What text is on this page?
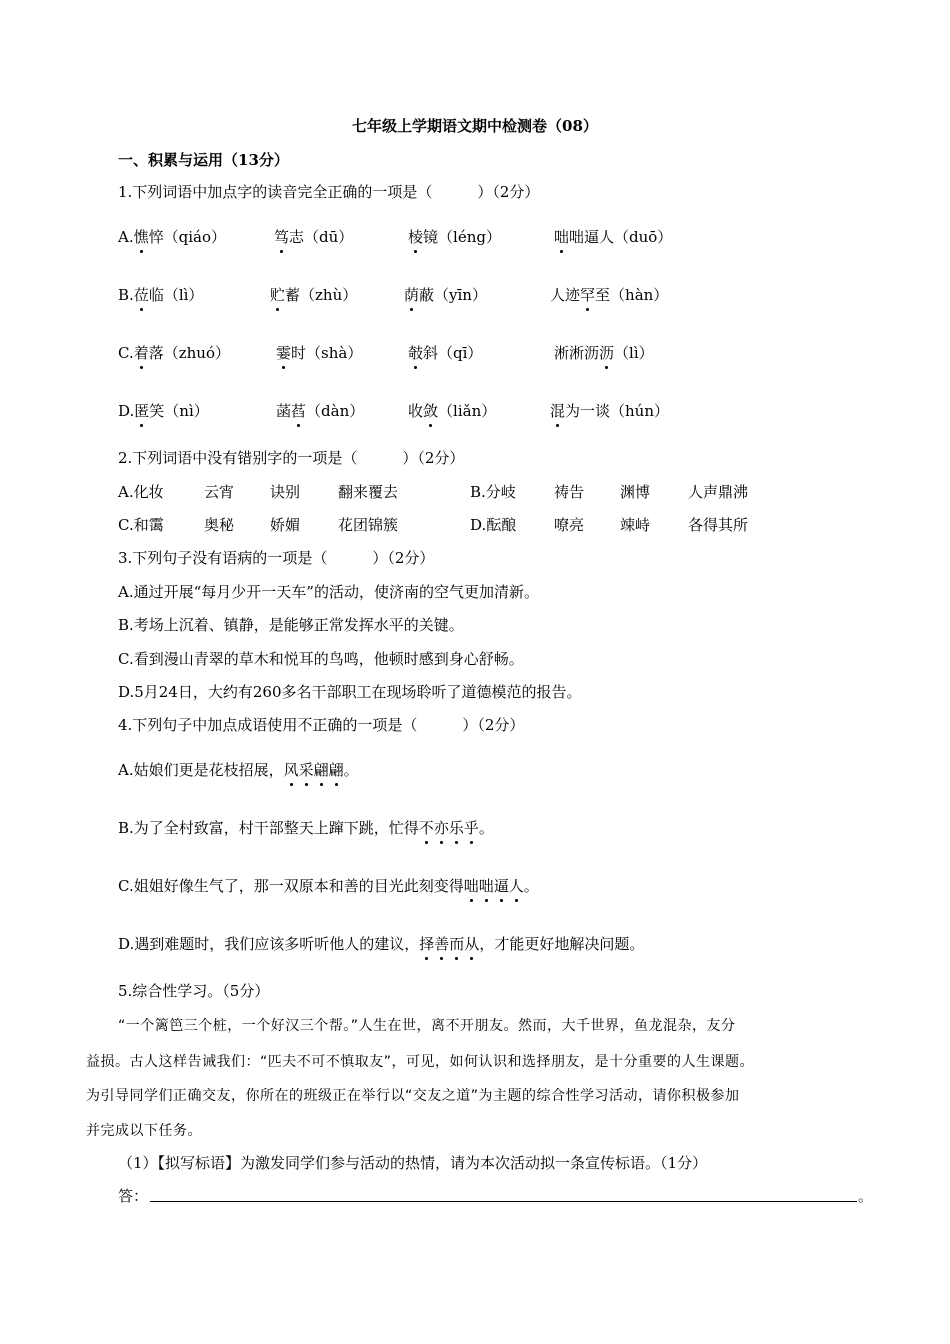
七年级上学期语文期中检测卷（08）
一、积累与运用（13分）
1.下列词语中加点字的读音完全正确的一项是（　　　）（2分）
A.憔悴（qiáo）	笃志（dū）	棱镜（léng）	咄咄逼人（duō）
B.莅临（lì）	贮蓄（zhù）	荫蔽（yīn）	人迹罕至（hàn）
C.着落（zhuó）	霎时（shà）	攲斜（qī）	淅淅沥沥（lì）
D.匿笑（nì）	菡萏（dàn）	收敛（liǎn）	混为一谈（hún）
2.下列词语中没有错别字的一项是（　　　）（2分）
A.化妆	云宵 诀别	翻来覆去	B.分岐	祷告 渊博	人声鼎沸
C.和霭	奥秘 娇媚	花团锦簇	D.酝酿	嘹亮 竦峙	各得其所
3.下列句子没有语病的一项是（　　　）（2分）
A.通过开展“每月少开一天车”的活动，使济南的空气更加清新。
B.考场上沉着、镇静，是能够正常发挥水平的关键。
C.看到漫山青翠的草木和悦耳的鸟鸣，他顿时感到身心舒畅。
D.5月24日，大约有260多名干部职工在现场聆听了道德模范的报告。
4.下列句子中加点成语使用不正确的一项是（　　　）（2分）
A.姑娘们更是花枝招展，风采翩翩。
B.为了全村致富，村干部整天上蹿下跳，忙得不亦乐乎。
C.姐姐好像生气了，那一双原本和善的目光此刻变得咄咄逼人。
D.遇到难题时，我们应该多听听他人的建议，择善而从，才能更好地解决问题。
5.综合性学习。（5分）
“一个篱笆三个桩，一个好汉三个帮。”人生在世，离不开朋友。然而，大千世界，鱼龙混杂，友分
益损。古人这样告诫我们：“匹夫不可不慎取友”，可见，如何认识和选择朋友，是十分重要的人生课题。
为引导同学们正确交友，你所在的班级正在举行以“交友之道”为主题的综合性学习活动，请你积极参加
并完成以下任务。
（1）【拟写标语】为激发同学们参与活动的热情，请为本次活动拟一条宣传标语。（1分）
答：	。
